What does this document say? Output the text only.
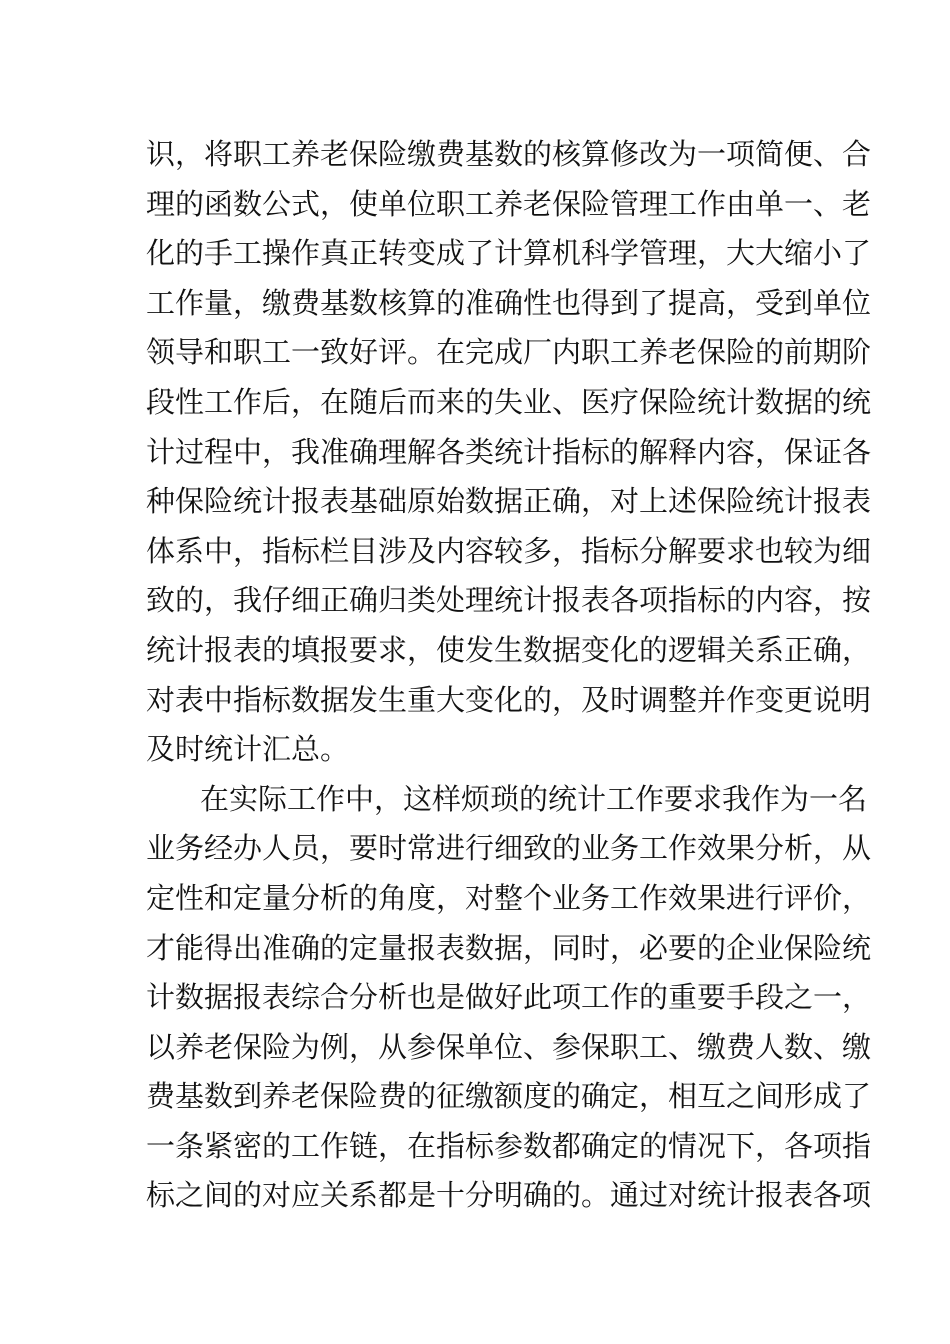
识，将职工养老保险缴费基数的核算修改为一项简便、合
理的函数公式，使单位职工养老保险管理工作由单一、老
化的手工操作真正转变成了计算机科学管理，大大缩小了
工作量，缴费基数核算的准确性也得到了提高，受到单位
领导和职工一致好评。在完成厂内职工养老保险的前期阶
段性工作后，在随后而来的失业、医疗保险统计数据的统
计过程中，我准确理解各类统计指标的解释内容，保证各
种保险统计报表基础原始数据正确，对上述保险统计报表
体系中，指标栏目涉及内容较多，指标分解要求也较为细
致的，我仔细正确归类处理统计报表各项指标的内容，按
统计报表的填报要求，使发生数据变化的逻辑关系正确，
对表中指标数据发生重大变化的，及时调整并作变更说明
及时统计汇总。
在实际工作中，这样烦琐的统计工作要求我作为一名
业务经办人员，要时常进行细致的业务工作效果分析，从
定性和定量分析的角度，对整个业务工作效果进行评价，
才能得出准确的定量报表数据，同时，必要的企业保险统
计数据报表综合分析也是做好此项工作的重要手段之一，
以养老保险为例，从参保单位、参保职工、缴费人数、缴
费基数到养老保险费的征缴额度的确定，相互之间形成了
一条紧密的工作链，在指标参数都确定的情况下，各项指
标之间的对应关系都是十分明确的。通过对统计报表各项
